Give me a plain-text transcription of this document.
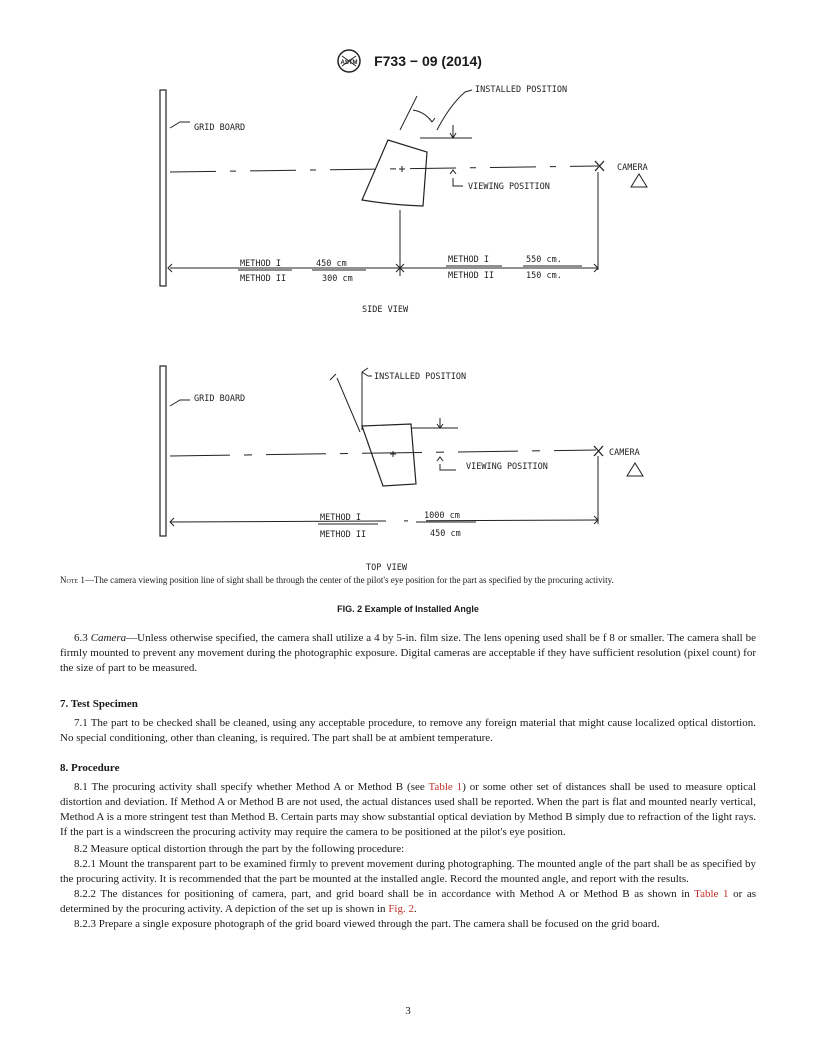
ASTM F733 − 09 (2014)
GRID BOARD
INSTALLED POSITION
VIEWING POSITION
CAMERA
METHOD I
METHOD II
450 cm
300 cm
METHOD I
METHOD II
550 cm.
150 cm.
SIDE VIEW
GRID BOARD
INSTALLED POSITION
VIEWING POSITION
CAMERA
METHOD I
METHOD II
1000 cm
450 cm
TOP VIEW
Note 1—The camera viewing position line of sight shall be through the center of the pilot's eye position for the part as specified by the procuring activity.
FIG. 2 Example of Installed Angle

6.3 Camera—Unless otherwise specified, the camera shall utilize a 4 by 5-in. film size. The lens opening used shall be f 8 or smaller. The camera shall be firmly mounted to prevent any movement during the photographic exposure. Digital cameras are acceptable if they have sufficient resolution (pixel count) for the size of part to be measured.

7. Test Specimen

7.1 The part to be checked shall be cleaned, using any acceptable procedure, to remove any foreign material that might cause localized optical distortion. No special conditioning, other than cleaning, is required. The part shall be at ambient temperature.

8. Procedure

8.1 The procuring activity shall specify whether Method A or Method B (see Table 1) or some other set of distances shall be used to measure optical distortion and deviation. If Method A or Method B are not used, the actual distances used shall be reported. When the part is flat and mounted nearly vertical, Method A is a more stringent test than Method B. Certain parts may show substantial optical deviation by Method B simply due to refraction of the light rays. If the part is a windscreen the procuring activity may require the camera to be positioned at the pilot's eye position.

8.2 Measure optical distortion through the part by the following procedure:

8.2.1 Mount the transparent part to be examined firmly to prevent movement during photographing. The mounted angle of the part shall be as specified by the procuring activity. It is recommended that the part be mounted at the installed angle. Record the mounted angle, and report with the results.

8.2.2 The distances for positioning of camera, part, and grid board shall be in accordance with Method A or Method B as shown in Table 1 or as determined by the procuring activity. A depiction of the set up is shown in Fig. 2.

8.2.3 Prepare a single exposure photograph of the grid board viewed through the part. The camera shall be focused on the grid board.

3
